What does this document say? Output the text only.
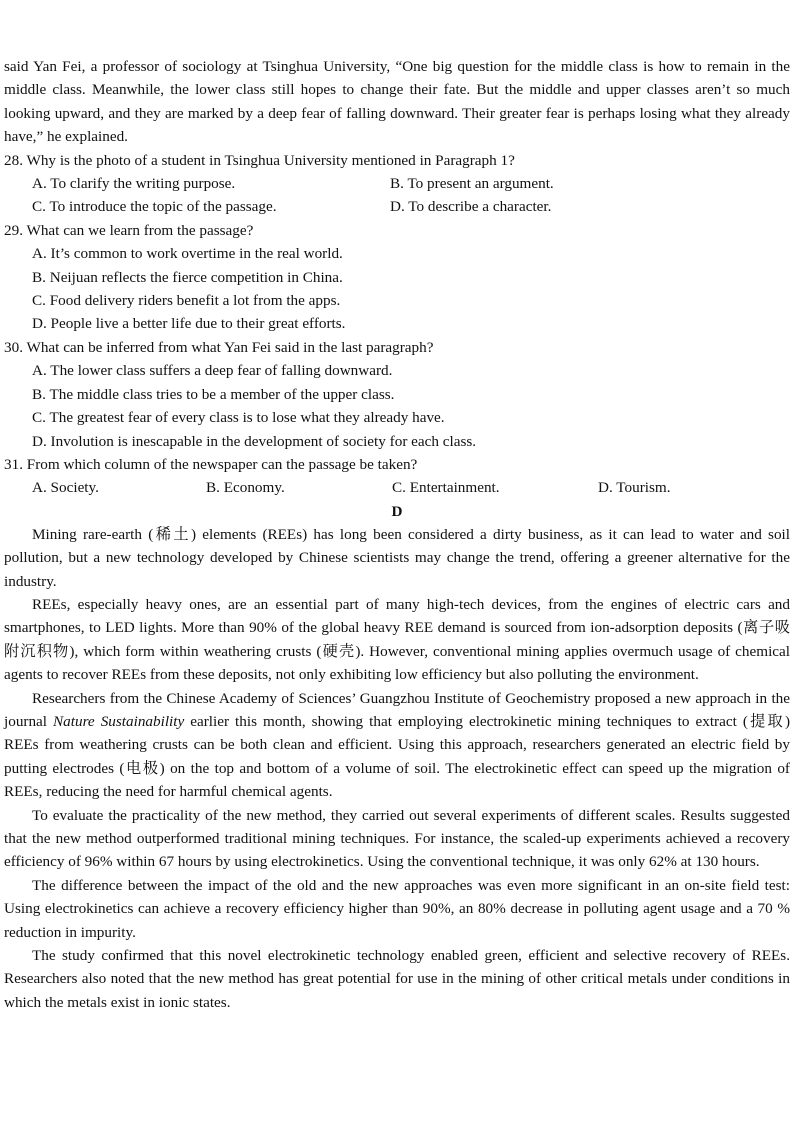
said Yan Fei, a professor of sociology at Tsinghua University, “One big question for the middle class is how to remain in the middle class. Meanwhile, the lower class still hopes to change their fate. But the middle and upper classes aren’t so much looking upward, and they are marked by a deep fear of falling downward. Their greater fear is perhaps losing what they already have,” he explained.

28. Why is the photo of a student in Tsinghua University mentioned in Paragraph 1?

A. To clarify the writing purpose.	B. To present an argument.
C. To introduce the topic of the passage.	D. To describe a character.

29. What can we learn from the passage?

A. It’s common to work overtime in the real world.

B. Neijuan reflects the fierce competition in China.

C. Food delivery riders benefit a lot from the apps.

D. People live a better life due to their great efforts.

30. What can be inferred from what Yan Fei said in the last paragraph?

A. The lower class suffers a deep fear of falling downward.

B. The middle class tries to be a member of the upper class.

C. The greatest fear of every class is to lose what they already have.

D. Involution is inescapable in the development of society for each class.

31. From which column of the newspaper can the passage be taken?

A. Society.	B. Economy.	C. Entertainment.	D. Tourism.

D

Mining rare-earth (稀土) elements (REEs) has long been considered a dirty business, as it can lead to water and soil pollution, but a new technology developed by Chinese scientists may change the trend, offering a greener alternative for the industry.

REEs, especially heavy ones, are an essential part of many high-tech devices, from the engines of electric cars and smartphones, to LED lights. More than 90% of the global heavy REE demand is sourced from ion-adsorption deposits (离子吸附沉积物), which form within weathering crusts (硬壳). However, conventional mining applies overmuch usage of chemical agents to recover REEs from these deposits, not only exhibiting low efficiency but also polluting the environment.

Researchers from the Chinese Academy of Sciences’ Guangzhou Institute of Geochemistry proposed a new approach in the journal Nature Sustainability earlier this month, showing that employing electrokinetic mining techniques to extract (提取) REEs from weathering crusts can be both clean and efficient. Using this approach, researchers generated an electric field by putting electrodes (电极) on the top and bottom of a volume of soil. The electrokinetic effect can speed up the migration of REEs, reducing the need for harmful chemical agents.

To evaluate the practicality of the new method, they carried out several experiments of different scales. Results suggested that the new method outperformed traditional mining techniques. For instance, the scaled-up experiments achieved a recovery efficiency of 96% within 67 hours by using electrokinetics. Using the conventional technique, it was only 62% at 130 hours.

The difference between the impact of the old and the new approaches was even more significant in an on-site field test: Using electrokinetics can achieve a recovery efficiency higher than 90%, an 80% decrease in polluting agent usage and a 70 % reduction in impurity.

The study confirmed that this novel electrokinetic technology enabled green, efficient and selective recovery of REEs. Researchers also noted that the new method has great potential for use in the mining of other critical metals under conditions in which the metals exist in ionic states.
